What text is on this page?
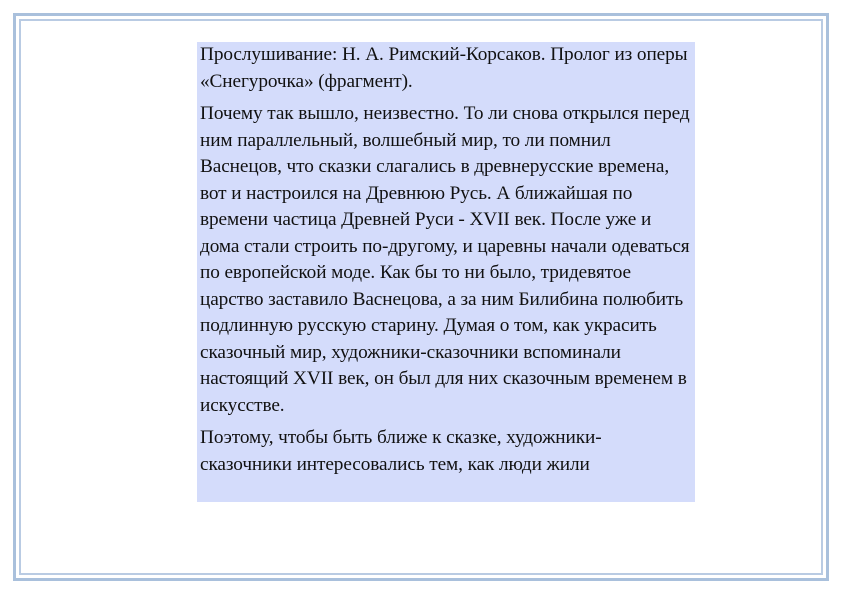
Прослушивание: Н. А. Римский-Корсаков. Пролог из оперы «Снегурочка» (фрагмент).

Почему так вышло, неизвестно. То ли снова открылся перед ним параллельный, волшебный мир, то ли помнил Васнецов, что сказки слагались в древнерусские времена, вот и настроился на Древнюю Русь. А ближайшая по времени частица Древней Руси - XVII век. После уже и дома стали строить по-другому, и царевны начали одеваться по европейской моде. Как бы то ни было, тридевятое царство заставило Васнецова, а за ним Билибина полюбить подлинную русскую старину. Думая о том, как украсить сказочный мир, художники-сказочники вспоминали настоящий XVII век, он был для них сказочным временем в искусстве.

Поэтому, чтобы быть ближе к сказке, художники-сказочники интересовались тем, как люди жили
